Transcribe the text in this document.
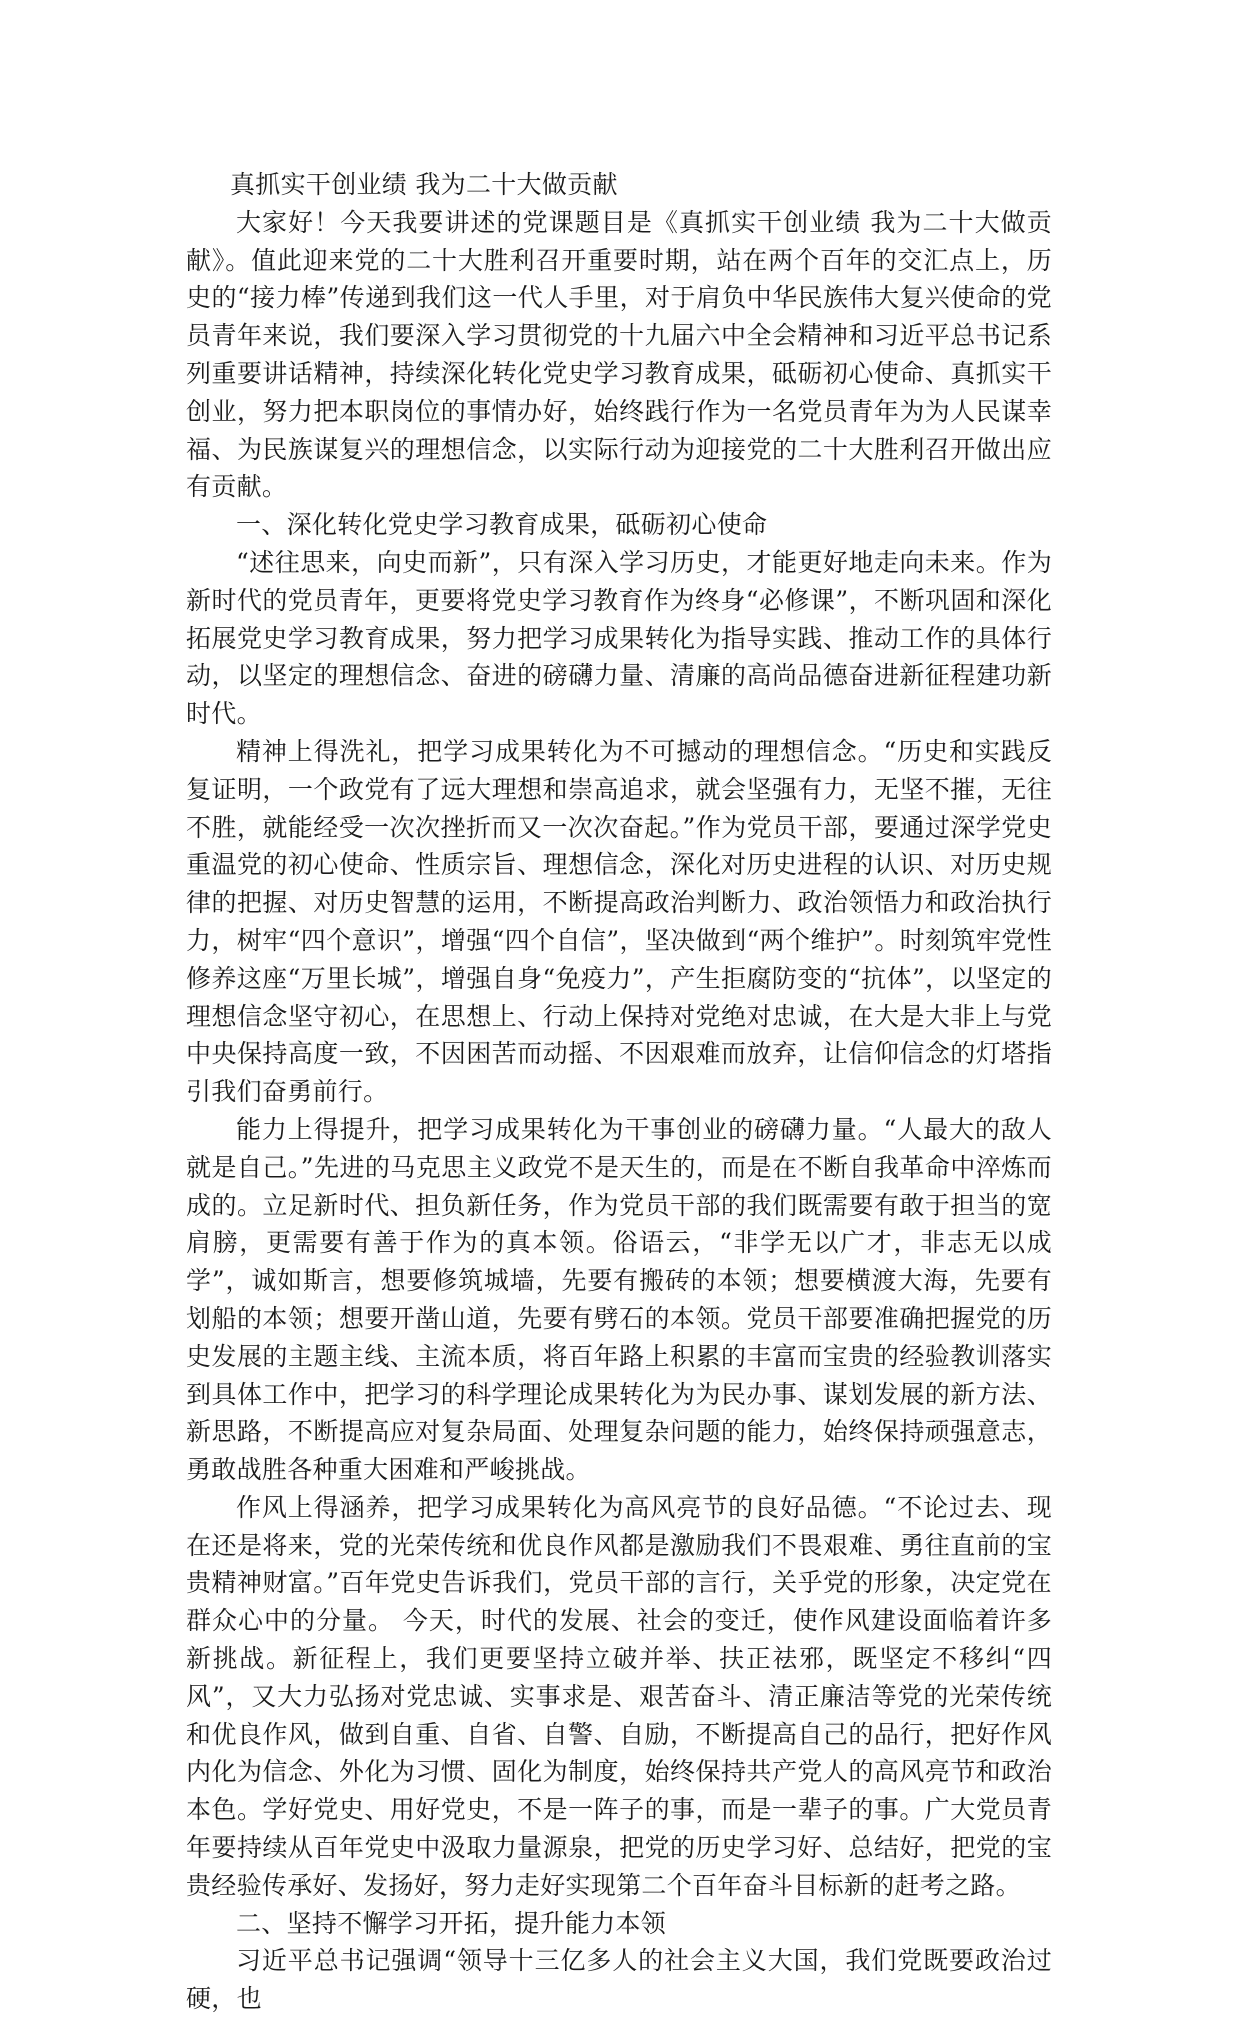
真抓实干创业绩 我为二十大做贡献

大家好！今天我要讲述的党课题目是《真抓实干创业绩 我为二十大做贡献》。值此迎来党的二十大胜利召开重要时期，站在两个百年的交汇点上，历史的“接力棒”传递到我们这一代人手里，对于肩负中华民族伟大复兴使命的党员青年来说，我们要深入学习贯彻党的十九届六中全会精神和习近平总书记系列重要讲话精神，持续深化转化党史学习教育成果，砥砺初心使命、真抓实干创业，努力把本职岗位的事情办好，始终践行作为一名党员青年为为人民谋幸福、为民族谋复兴的理想信念，以实际行动为迎接党的二十大胜利召开做出应有贡献。

一、深化转化党史学习教育成果，砥砺初心使命

“述往思来，向史而新”，只有深入学习历史，才能更好地走向未来。作为新时代的党员青年，更要将党史学习教育作为终身“必修课”，不断巩固和深化拓展党史学习教育成果，努力把学习成果转化为指导实践、推动工作的具体行动，以坚定的理想信念、奋进的磅礴力量、清廉的高尚品德奋进新征程建功新时代。

精神上得洗礼，把学习成果转化为不可撼动的理想信念。“历史和实践反复证明，一个政党有了远大理想和崇高追求，就会坚强有力，无坚不摧，无往不胜，就能经受一次次挫折而又一次次奋起。”作为党员干部，要通过深学党史重温党的初心使命、性质宗旨、理想信念，深化对历史进程的认识、对历史规律的把握、对历史智慧的运用，不断提高政治判断力、政治领悟力和政治执行力，树牢“四个意识”，增强“四个自信”，坚决做到“两个维护”。时刻筑牢党性修养这座“万里长城”，增强自身“免疫力”，产生拒腐防变的“抗体”，以坚定的理想信念坚守初心，在思想上、行动上保持对党绝对忠诚，在大是大非上与党中央保持高度一致，不因困苦而动摇、不因艰难而放弃，让信仰信念的灯塔指引我们奋勇前行。

能力上得提升，把学习成果转化为干事创业的磅礴力量。“人最大的敌人就是自己。”先进的马克思主义政党不是天生的，而是在不断自我革命中淬炼而成的。立足新时代、担负新任务，作为党员干部的我们既需要有敢于担当的宽肩膀，更需要有善于作为的真本领。俗语云，“非学无以广才，非志无以成学”，诚如斯言，想要修筑城墙，先要有搬砖的本领；想要横渡大海，先要有划船的本领；想要开凿山道，先要有劈石的本领。党员干部要准确把握党的历史发展的主题主线、主流本质，将百年路上积累的丰富而宝贵的经验教训落实到具体工作中，把学习的科学理论成果转化为为民办事、谋划发展的新方法、新思路，不断提高应对复杂局面、处理复杂问题的能力，始终保持顽强意志，勇敢战胜各种重大困难和严峻挑战。

作风上得涵养，把学习成果转化为高风亮节的良好品德。“不论过去、现在还是将来，党的光荣传统和优良作风都是激励我们不畏艰难、勇往直前的宝贵精神财富。”百年党史告诉我们，党员干部的言行，关乎党的形象，决定党在群众心中的分量。 今天，时代的发展、社会的变迁，使作风建设面临着许多新挑战。新征程上，我们更要坚持立破并举、扶正祛邪，既坚定不移纠“四风”，又大力弘扬对党忠诚、实事求是、艰苦奋斗、清正廉洁等党的光荣传统和优良作风，做到自重、自省、自警、自励，不断提高自己的品行，把好作风内化为信念、外化为习惯、固化为制度，始终保持共产党人的高风亮节和政治本色。学好党史、用好党史，不是一阵子的事，而是一辈子的事。广大党员青年要持续从百年党史中汲取力量源泉，把党的历史学习好、总结好，把党的宝贵经验传承好、发扬好，努力走好实现第二个百年奋斗目标新的赶考之路。

二、坚持不懈学习开拓，提升能力本领

习近平总书记强调“领导十三亿多人的社会主义大国，我们党既要政治过硬，也
